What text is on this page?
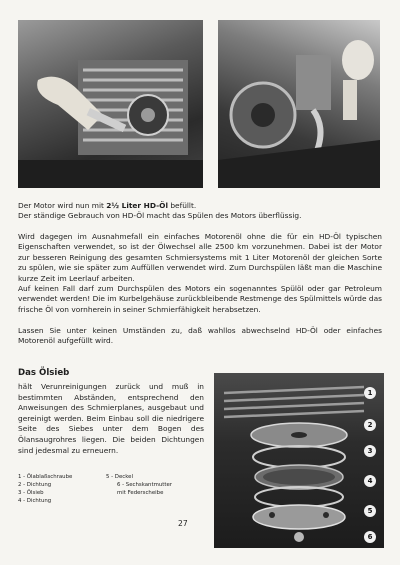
Der Motor wird nun mit 2½ Liter HD-Öl befüllt.

Der ständige Gebrauch von HD-Öl macht das Spülen des Motors überflüssig.

Wird dagegen im Ausnahmefall ein einfaches Motorenöl ohne die für ein HD-Öl typischen Eigenschaften verwendet, so ist der Ölwechsel alle 2500 km vorzunehmen. Dabei ist der Motor zur besseren Reinigung des gesamten Schmiersystems mit 1 Liter Motorenöl der gleichen Sorte zu spülen, wie sie später zum Auffüllen verwendet wird. Zum Durchspülen läßt man die Maschine kurze Zeit im Leerlauf arbeiten.

Auf keinen Fall darf zum Durchspülen des Motors ein sogenanntes Spülöl oder gar Petroleum verwendet werden! Die im Kurbelgehäuse zurückbleibende Restmenge des Spülmittels würde das frische Öl von vornherein in seiner Schmierfähigkeit herabsetzen.

Lassen Sie unter keinen Umständen zu, daß wahllos abwechselnd HD-Öl oder einfaches Motorenöl aufgefüllt wird.

Das Ölsieb

hält Verunreinigungen zurück und muß in bestimmten Abständen, entsprechend den Anweisungen des Schmierplanes, ausgebaut und gereinigt werden. Beim Einbau soll die niedrigere Seite des Siebes unter dem Bogen des Ölansaugrohres liegen. Die beiden Dichtungen sind jedesmal zu erneuern.

1 - Ölablaßschraube	5 - Deckel
2 - Dichtung	6 - Sechskantmutter
3 - Ölsieb	mit Federscheibe
4 - Dichtung
1
2
3
4
5
6
27
